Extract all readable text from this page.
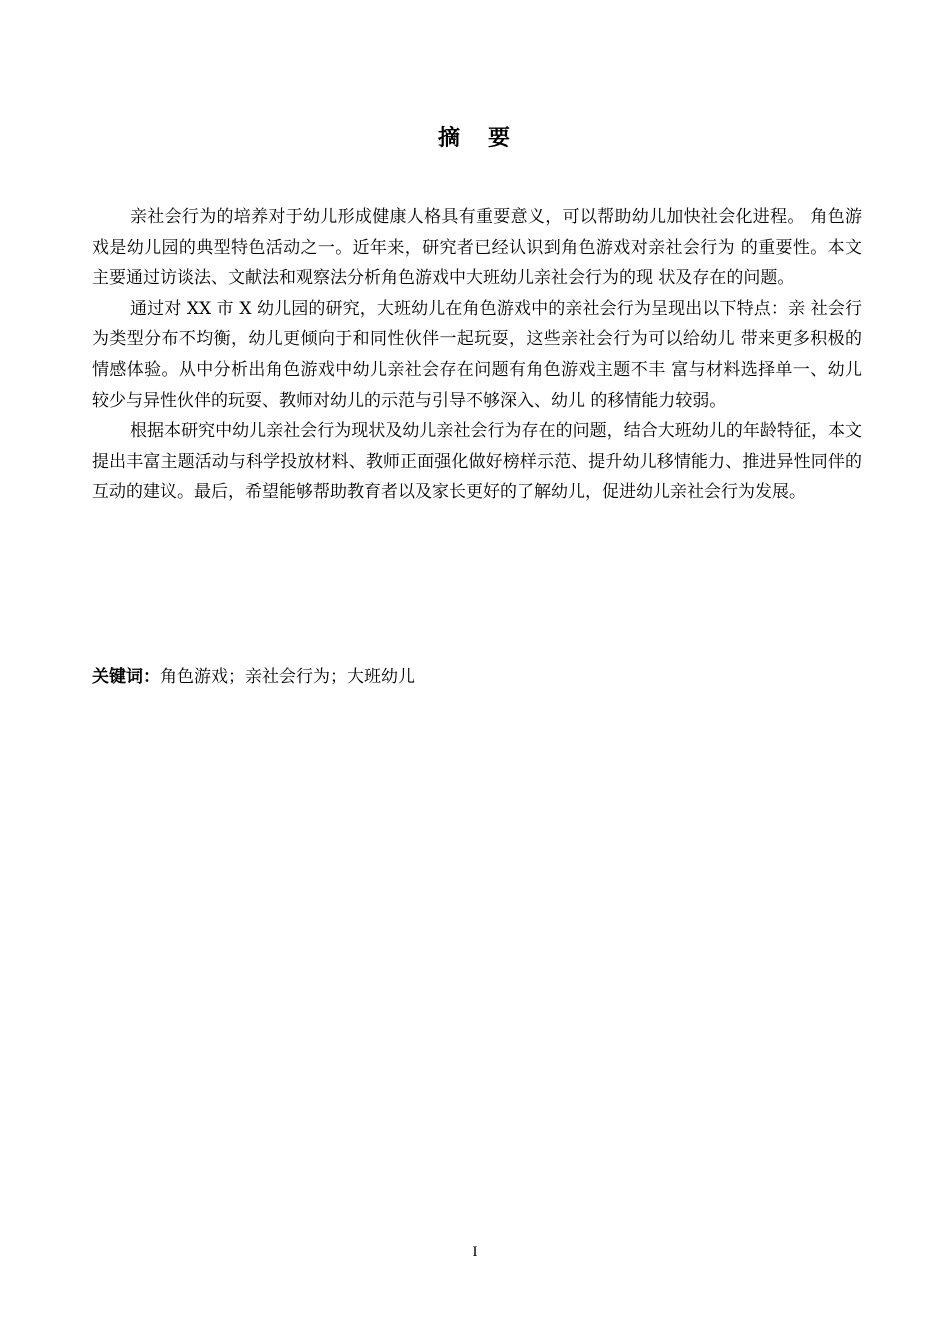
摘 要

亲社会行为的培养对于幼儿形成健康人格具有重要意义，可以帮助幼儿加快社会化进程。 角色游戏是幼儿园的典型特色活动之一。近年来，研究者已经认识到角色游戏对亲社会行为 的重要性。本文主要通过访谈法、文献法和观察法分析角色游戏中大班幼儿亲社会行为的现 状及存在的问题。

通过对 XX 市 X 幼儿园的研究，大班幼儿在角色游戏中的亲社会行为呈现出以下特点：亲 社会行为类型分布不均衡，幼儿更倾向于和同性伙伴一起玩耍，这些亲社会行为可以给幼儿 带来更多积极的情感体验。从中分析出角色游戏中幼儿亲社会存在问题有角色游戏主题不丰 富与材料选择单一、幼儿较少与异性伙伴的玩耍、教师对幼儿的示范与引导不够深入、幼儿 的移情能力较弱。

根据本研究中幼儿亲社会行为现状及幼儿亲社会行为存在的问题，结合大班幼儿的年龄特征，本文提出丰富主题活动与科学投放材料、教师正面强化做好榜样示范、提升幼儿移情能力、推进异性同伴的互动的建议。最后，希望能够帮助教育者以及家长更好的了解幼儿，促进幼儿亲社会行为发展。

关键词：角色游戏；亲社会行为；大班幼儿
I
